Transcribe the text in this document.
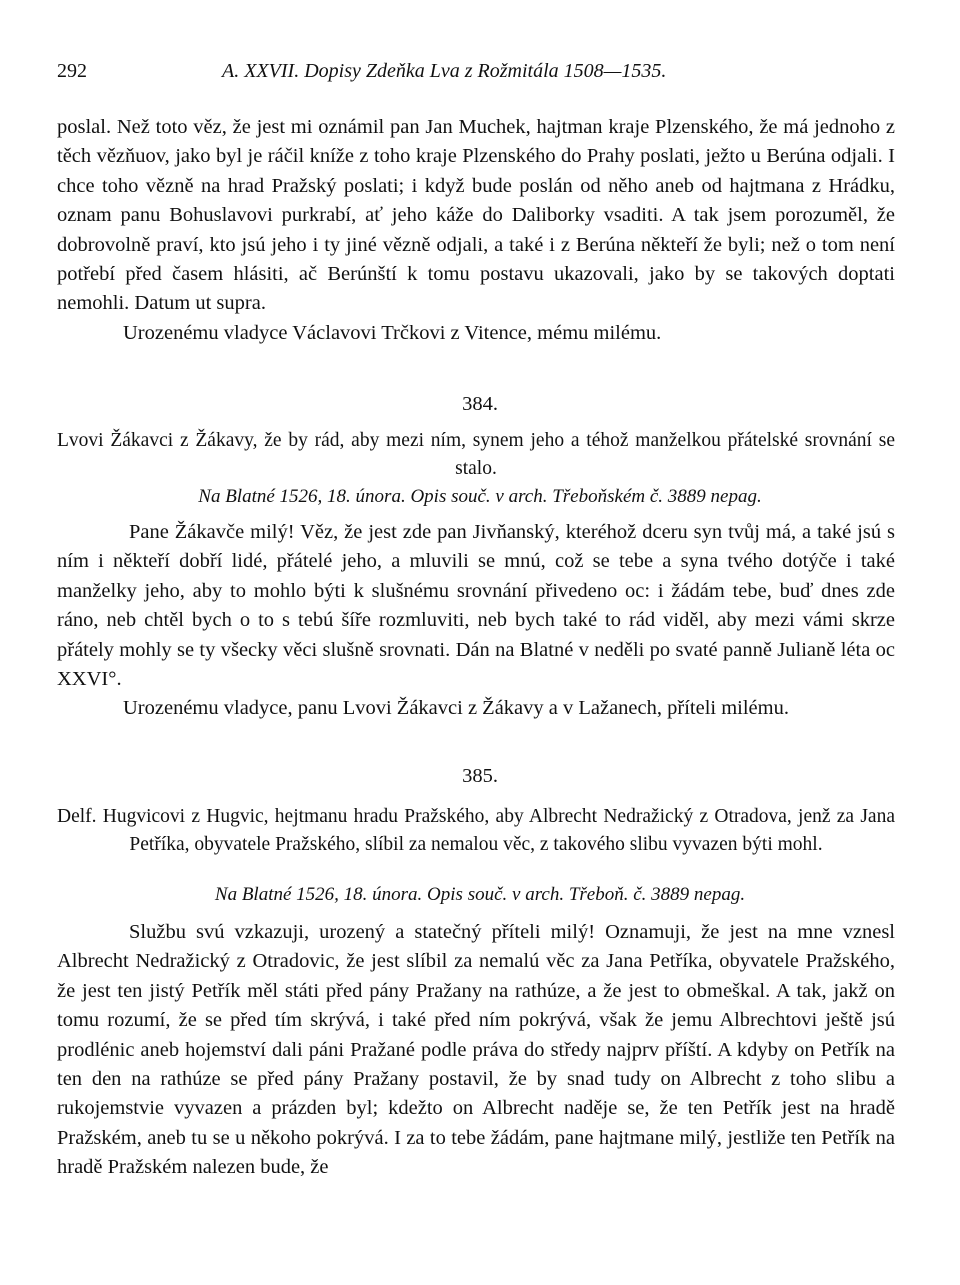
292	A. XXVII. Dopisy Zdeňka Lva z Rožmitála 1508—1535.

poslal. Než toto věz, že jest mi oznámil pan Jan Muchek, hajtman kraje Plzenského, že má jednoho z těch vězňuov, jako byl je ráčil kníže z toho kraje Plzenského do Prahy poslati, ježto u Berúna odjali. I chce toho vězně na hrad Pražský poslati; i když bude poslán od něho aneb od hajtmana z Hrádku, oznam panu Bohuslavovi purkrabí, ať jeho káže do Daliborky vsaditi. A tak jsem porozuměl, že dobrovolně praví, kto jsú jeho i ty jiné vězně odjali, a také i z Berúna někteří že byli; než o tom není potřebí před časem hlásiti, ač Berúnští k tomu postavu ukazovali, jako by se takových doptati nemohli. Datum ut supra.

Urozenému vladyce Václavovi Trčkovi z Vitence, mému milému.

384.
Lvovi Žákavci z Žákavy, že by rád, aby mezi ním, synem jeho a téhož manželkou přátelské srovnání se stalo.
Na Blatné 1526, 18. února. Opis souč. v arch. Třeboňském č. 3889 nepag.

Pane Žákavče milý! Věz, že jest zde pan Jivňanský, kteréhož dceru syn tvůj má, a také jsú s ním i někteří dobří lidé, přátelé jeho, a mluvili se mnú, což se tebe a syna tvého dotýče i také manželky jeho, aby to mohlo býti k slušnému srovnání přivedeno oc: i žádám tebe, buď dnes zde ráno, neb chtěl bych o to s tebú šíře rozmluviti, neb bych také to rád viděl, aby mezi vámi skrze přátely mohly se ty všecky věci slušně srovnati. Dán na Blatné v neděli po svaté panně Julianě léta oc XXVI°.

Urozenému vladyce, panu Lvovi Žákavci z Žákavy a v Lažanech, příteli milému.

385.
Delf. Hugvicovi z Hugvic, hejtmanu hradu Pražského, aby Albrecht Nedražický z Otradova, jenž za Jana Petříka, obyvatele Pražského, slíbil za nemalou věc, z takového slibu vyvazen býti mohl.
Na Blatné 1526, 18. února. Opis souč. v arch. Třeboň. č. 3889 nepag.

Službu svú vzkazuji, urozený a statečný příteli milý! Oznamuji, že jest na mne vznesl Albrecht Nedražický z Otradovic, že jest slíbil za nemalú věc za Jana Petříka, obyvatele Pražského, že jest ten jistý Petřík měl státi před pány Pražany na rathúze, a že jest to obmeškal. A tak, jakž on tomu rozumí, že se před tím skrývá, i také před ním pokrývá, však že jemu Albrechtovi ještě jsú prodlénic aneb hojemství dali páni Pražané podle práva do středy najprv příští. A kdyby on Petřík na ten den na rathúze se před pány Pražany postavil, že by snad tudy on Albrecht z toho slibu a rukojemstvie vyvazen a prázden byl; kdežto on Albrecht naděje se, že ten Petřík jest na hradě Pražském, aneb tu se u někoho pokrývá. I za to tebe žádám, pane hajtmane milý, jestliže ten Petřík na hradě Pražském nalezen bude, že
